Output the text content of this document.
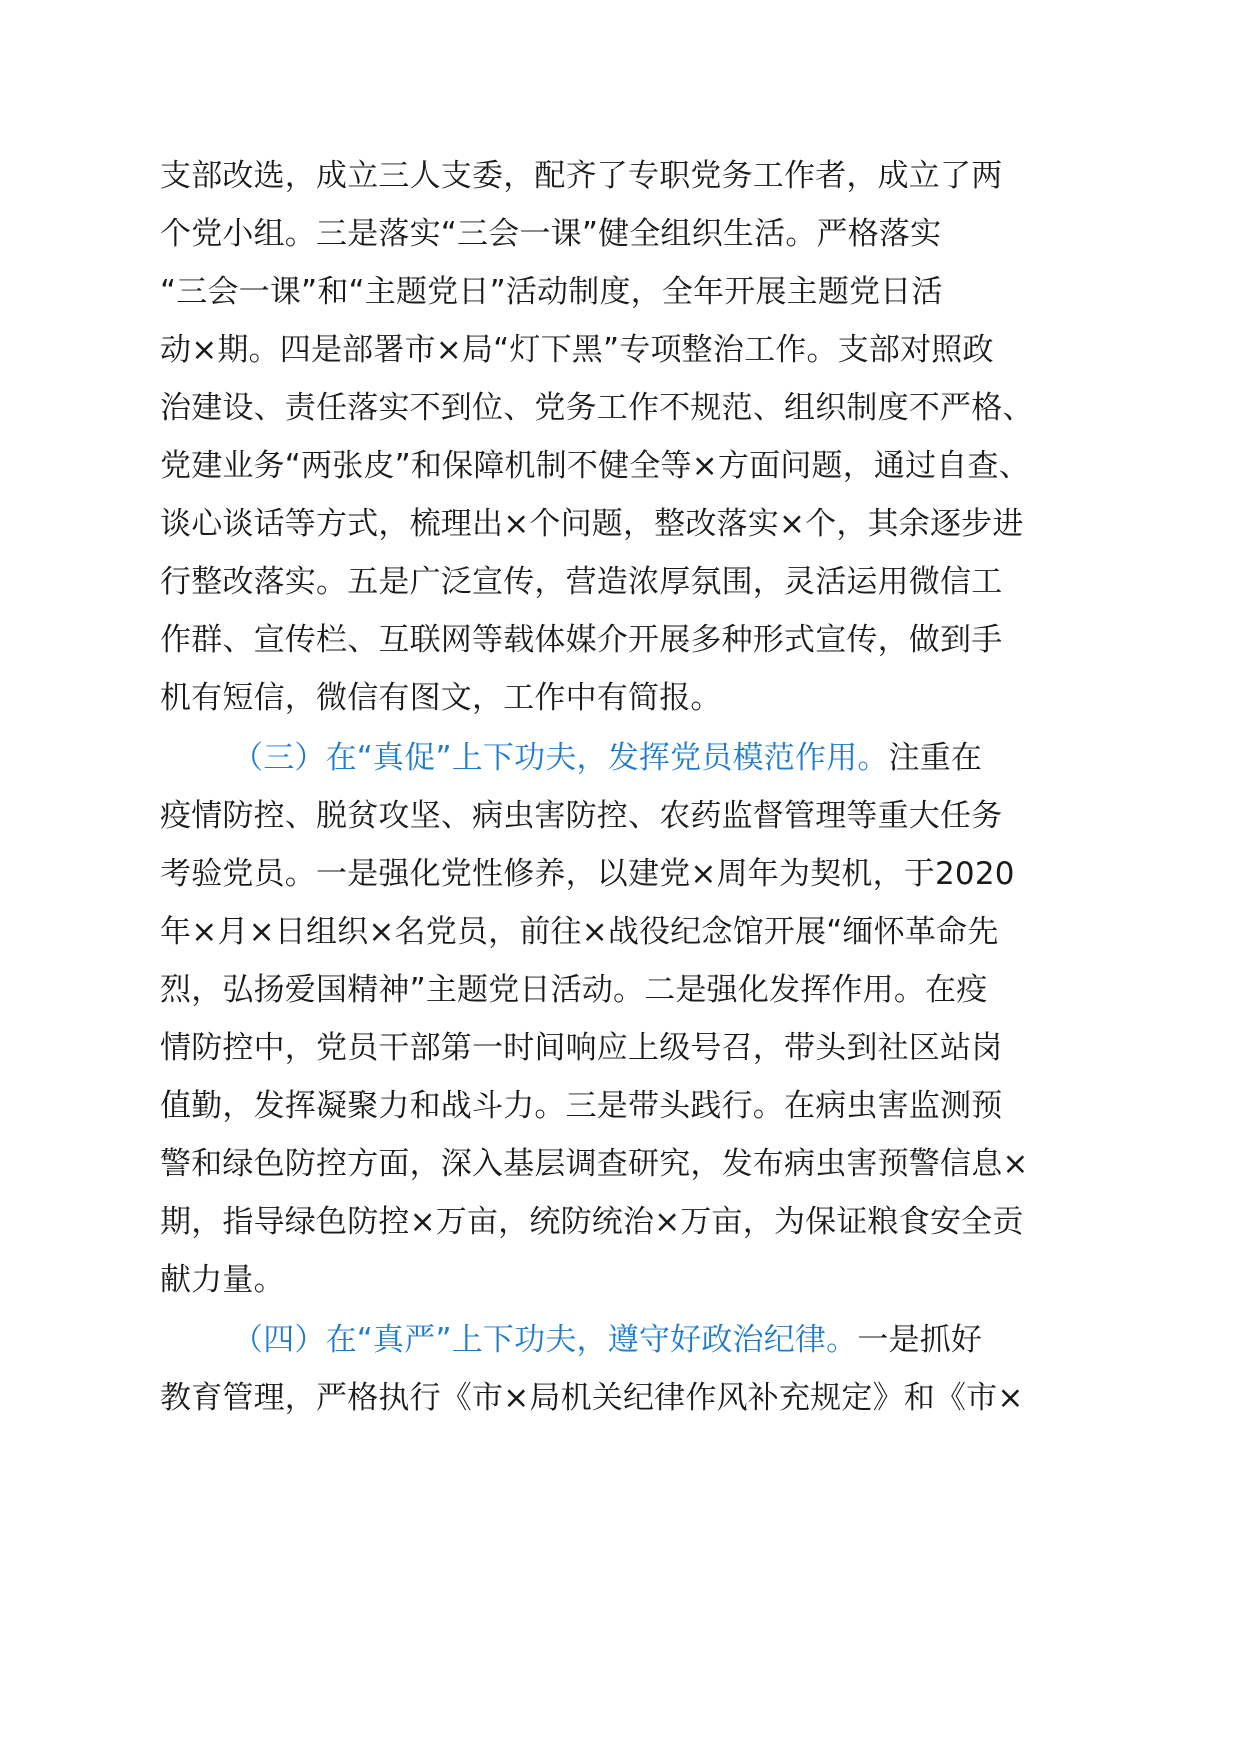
支部改选，成立三人支委，配齐了专职党务工作者，成立了两
个党小组。三是落实“三会一课”健全组织生活。严格落实
“三会一课”和“主题党日”活动制度，全年开展主题党日活
动×期。四是部署市×局“灯下黑”专项整治工作。支部对照政
治建设、责任落实不到位、党务工作不规范、组织制度不严格、
党建业务“两张皮”和保障机制不健全等×方面问题，通过自查、
谈心谈话等方式，梳理出×个问题，整改落实×个，其余逐步进
行整改落实。五是广泛宣传，营造浓厚氛围，灵活运用微信工
作群、宣传栏、互联网等载体媒介开展多种形式宣传，做到手
机有短信，微信有图文，工作中有简报。
（三）在“真促”上下功夫，发挥党员模范作用。注重在
疫情防控、脱贫攻坚、病虫害防控、农药监督管理等重大任务
考验党员。一是强化党性修养，以建党×周年为契机，于2020
年×月×日组织×名党员，前往×战役纪念馆开展“缅怀革命先
烈，弘扬爱国精神”主题党日活动。二是强化发挥作用。在疫
情防控中，党员干部第一时间响应上级号召，带头到社区站岗
值勤，发挥凝聚力和战斗力。三是带头践行。在病虫害监测预
警和绿色防控方面，深入基层调查研究，发布病虫害预警信息×
期，指导绿色防控×万亩，统防统治×万亩，为保证粮食安全贡
献力量。
（四）在“真严”上下功夫，遵守好政治纪律。一是抓好
教育管理，严格执行《市×局机关纪律作风补充规定》和《市×
